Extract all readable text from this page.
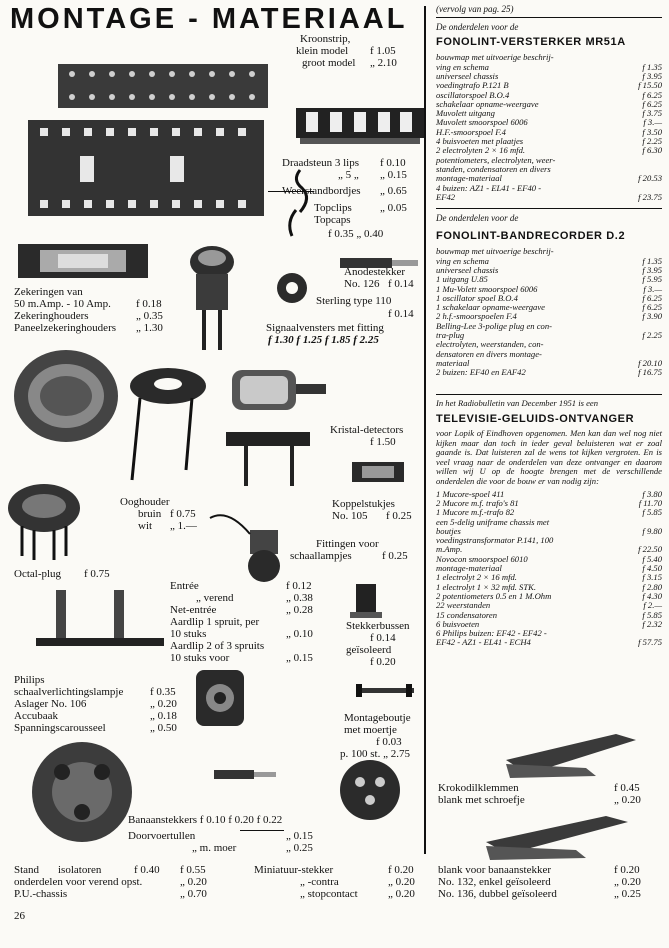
MONTAGE - MATERIAAL
Kroonstrip,
klein model f 1.05
groot model „ 2.10
Draadsteun 3 lips f 0.10
„ 5 „ „ 0.15
Weerstandbordjes „ 0.65
Topclips	„ 0.05
Topcaps
f 0.35 „ 0.40
Zekeringen van
50 m.Amp. - 10 Amp. f 0.18
Zekeringhouders	„ 0.35
Paneelzekeringhouders „ 1.30
Anodestekker
No. 126 f 0.14
Sterling type 110
f 0.14
Signaalvensters met fitting
f 1.30 f 1.25 f 1.85 f 2.25
Kristal-detectors
f 1.50
Koppelstukjes
No. 105 f 0.25
Ooghouder
bruin f 0.75
wit „ 1.—
Fittingen voor
schaallampjes	f 0.25
Octal-plug f 0.75
Entrée	f 0.12
„ verend	„ 0.38
Net-entrée	„ 0.28
Aardlip 1 spruit, per
10 stuks	„ 0.10
Aardlip 2 of 3 spruits
10 stuks voor	„ 0.15
Stekkerbussen
f 0.14
geïsoleerd
f 0.20
Philips
schaalverlichtingslampje f 0.35
Aslager No. 106	„ 0.20
Accubaak	„ 0.18
Spanningscarousseel	„ 0.50
Montageboutje
met moertje
f 0.03
p. 100 st. „ 2.75
Banaanstekkers f 0.10 f 0.20 f 0.22
Doorvoertullen	„ 0.15
„ m. moer	„ 0.25
Stand isolatoren	f 0.40 f 0.55
onderdelen voor verend opst.	„ 0.20
P.U.-chassis	„ 0.70
Miniatuur-stekker	f 0.20
„ -contra	„ 0.20
„ stopcontact	„ 0.20
Krokodilklemmen	f 0.45
blank met schroefje	„ 0.20
blank voor banaanstekker	f 0.20
No. 132, enkel geïsoleerd	„ 0.20
No. 136, dubbel geïsoleerd	„ 0.25
26
(vervolg van pag. 25)
De onderdelen voor de
FONOLINT-VERSTERKER MR51A
bouwmap met uitvoerige beschrij-
ving en schema	f 1.35
universeel chassis	f 3.95
voedingtrafo P.121 B	f 15.50
oscillatorspoel B.O.4	f 6.25
schakelaar opname-weergave	f 6.25
Muvolett uitgang	f 3.75
Muvolett smoorspoel 6006	f 3.—
H.F.-smoorspoel F.4	f 3.50
4 buisvoeten met plaatjes	f 2.25
2 electrolyten 2 × 16 mfd.	f 6.30
potentiometers, electrolyten, weer-
standen, condensatoren en divers
montage-materiaal	f 20.53
4 buizen: AZ1 - EL41 - EF40 -
EF42	f 23.75
De onderdelen voor de
FONOLINT-BANDRECORDER D.2
bouwmap met uitvoerige beschrij-
ving en schema	f 1.35
universeel chassis	f 3.95
1 uitgang U.85	f 5.95
1 Mu-Volett smoorspoel 6006	f 3.—
1 oscillator spoel B.O.4	f 6.25
1 schakelaar opname-weergave	f 6.25
2 h.f.-smoorspoelen F.4	f 3.90
Belling-Lee 3-polige plug en con-
tra-plug	f 2.25
electrolyten, weerstanden, con-
densatoren en divers montage-
materiaal	f 20.10
2 buizen: EF40 en EAF42	f 16.75
In het Radiobulletin van December 1951 is een
TELEVISIE-GELUIDS-ONTVANGER
voor Lopik of Eindhoven opgenomen. Men kan dan wel nog niet kijken maar dan toch in ieder geval beluisteren wat er zoal gaande is. Dat luisteren zal de wens tot kijken vergroten. En is veel vraag naar de onderdelen van deze ontvanger en daarom willen wij U op de hoogte brengen met de verschillende onderdelen die voor de bouw er van nodig zijn:
1 Mucore-spoel 411	f 3.80
2 Mucore m.f. trafo's 81	f 11.70
1 Mucore m.f.-trafo 82	f 5.85
een 5-delig uniframe chassis met
boutjes	f 9.80
voedingstransformator P.141, 100
m.Amp.	f 22.50
Novocon smoorspoel 6010	f 5.40
montage-materiaal	f 4.50
1 electrolyt 2 × 16 mfd.	f 3.15
1 electrolyt 1 × 32 mfd. STK.	f 2.80
2 potentiometers 0.5 en 1 M.Ohm	f 4.30
22 weerstanden	f 2.—
15 condensatoren	f 5.85
6 buisvoeten	f 2.32
6 Philips buizen: EF42 - EF42 -
EF42 - AZ1 - EL41 - ECH4	f 57.75
